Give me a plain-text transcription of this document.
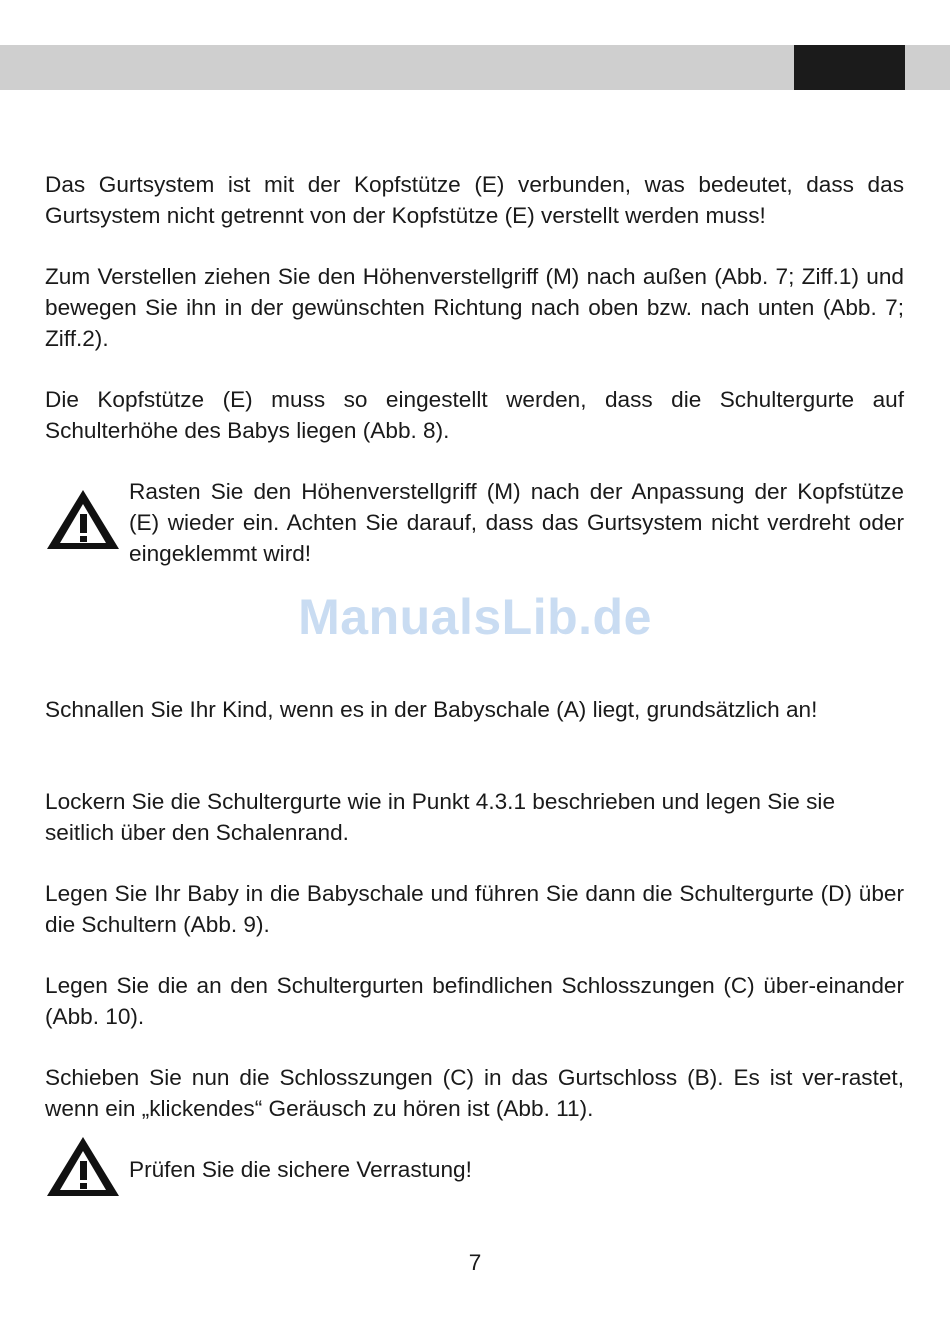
Das Gurtsystem ist mit der Kopfstütze (E) verbunden, was bedeutet, dass das Gurtsystem nicht getrennt von der Kopfstütze (E) verstellt werden muss!

Zum Verstellen ziehen Sie den Höhenverstellgriff (M) nach außen (Abb. 7; Ziff.1) und bewegen Sie ihn in der gewünschten Richtung nach oben bzw. nach unten (Abb. 7; Ziff.2).

Die Kopfstütze (E) muss so eingestellt werden, dass die Schultergurte auf Schulterhöhe des Babys liegen (Abb. 8).

Rasten Sie den Höhenverstellgriff (M) nach der Anpassung der Kopfstütze (E) wieder ein. Achten Sie darauf, dass das Gurtsystem nicht verdreht oder eingeklemmt wird!

ManualsLib.de

Schnallen Sie Ihr Kind, wenn es in der Babyschale (A) liegt, grundsätzlich an!

Lockern Sie die Schultergurte wie in Punkt 4.3.1 beschrieben und legen Sie sie seitlich über den Schalenrand.

Legen Sie Ihr Baby in die Babyschale und führen Sie dann die Schultergurte (D) über die Schultern (Abb. 9).

Legen Sie die an den Schultergurten befindlichen Schlosszungen (C) über-einander (Abb. 10).

Schieben Sie nun die Schlosszungen (C) in das Gurtschloss (B). Es ist ver-rastet, wenn ein „klickendes“ Geräusch zu hören ist (Abb. 11).

Prüfen Sie die sichere Verrastung!

7
